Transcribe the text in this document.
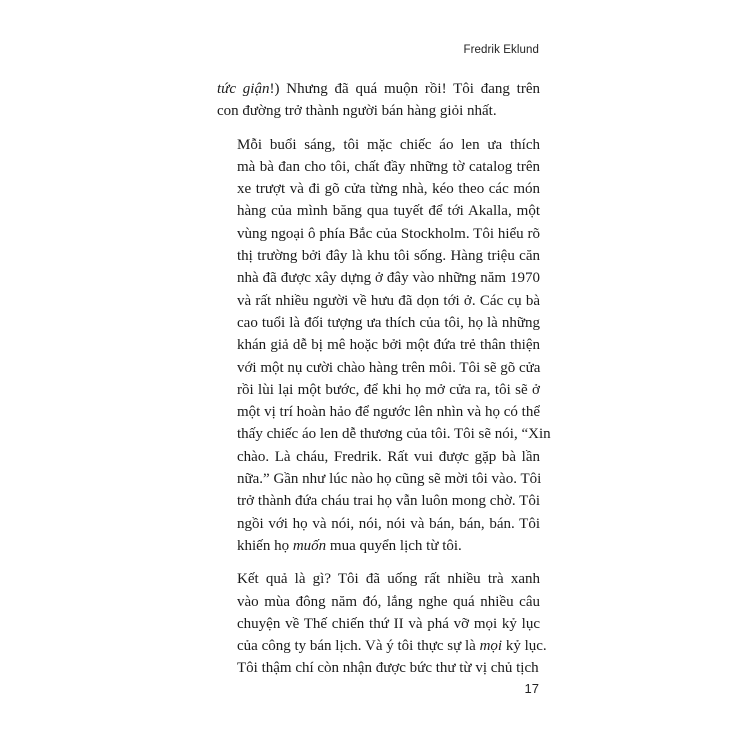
Fredrik Eklund

tức giận!) Nhưng đã quá muộn rồi! Tôi đang trên
con đường trở thành người bán hàng giỏi nhất.

Mỗi buổi sáng, tôi mặc chiếc áo len ưa thích
mà bà đan cho tôi, chất đầy những tờ catalog trên
xe trượt và đi gõ cửa từng nhà, kéo theo các món
hàng của mình băng qua tuyết để tới Akalla, một
vùng ngoại ô phía Bắc của Stockholm. Tôi hiểu rõ
thị trường bởi đây là khu tôi sống. Hàng triệu căn
nhà đã được xây dựng ở đây vào những năm 1970
và rất nhiều người về hưu đã dọn tới ở. Các cụ bà
cao tuổi là đối tượng ưa thích của tôi, họ là những
khán giả dễ bị mê hoặc bởi một đứa trẻ thân thiện
với một nụ cười chào hàng trên môi. Tôi sẽ gõ cửa
rồi lùi lại một bước, để khi họ mở cửa ra, tôi sẽ ở
một vị trí hoàn hảo để ngước lên nhìn và họ có thể
thấy chiếc áo len dễ thương của tôi. Tôi sẽ nói, “Xin
chào. Là cháu, Fredrik. Rất vui được gặp bà lần
nữa.” Gần như lúc nào họ cũng sẽ mời tôi vào. Tôi
trở thành đứa cháu trai họ vẫn luôn mong chờ. Tôi
ngồi với họ và nói, nói, nói và bán, bán, bán. Tôi
khiến họ muốn mua quyển lịch từ tôi.

Kết quả là gì? Tôi đã uống rất nhiều trà xanh
vào mùa đông năm đó, lắng nghe quá nhiều câu
chuyện về Thế chiến thứ II và phá vỡ mọi kỷ lục
của công ty bán lịch. Và ý tôi thực sự là mọi kỷ lục.
Tôi thậm chí còn nhận được bức thư từ vị chủ tịch

17
